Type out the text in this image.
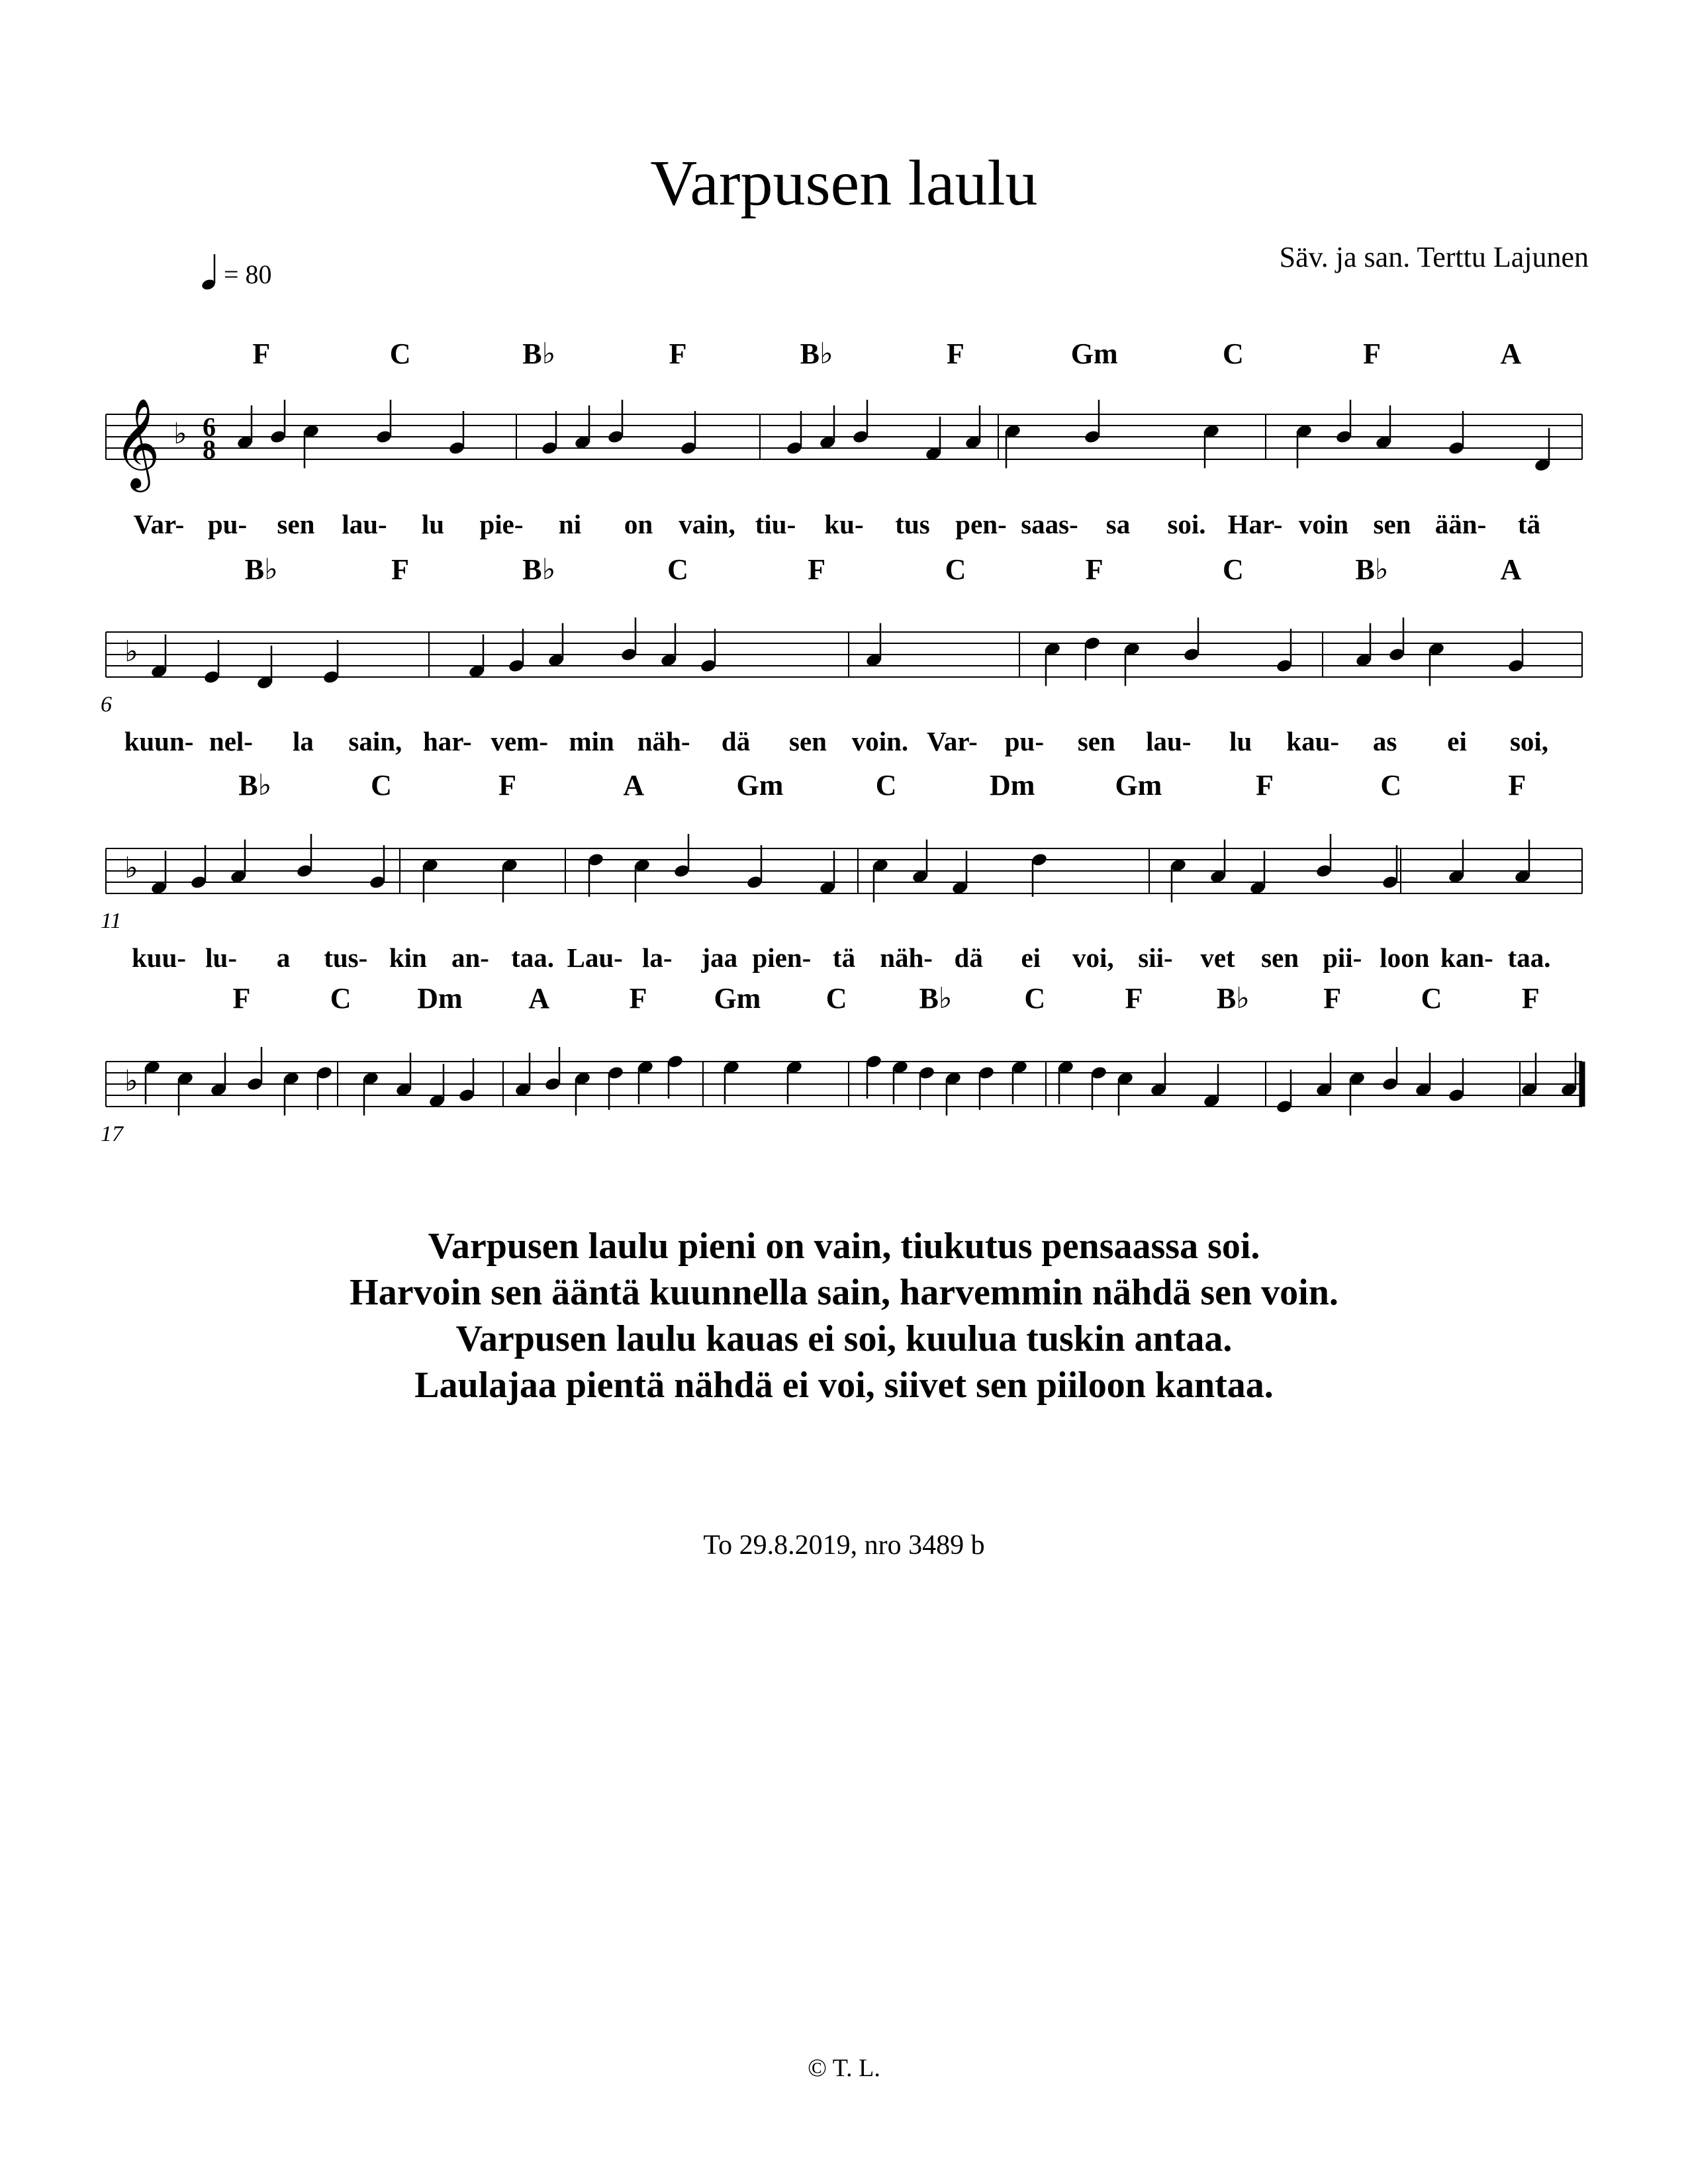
Varpusen laulu
Säv. ja san. Terttu Lajunen
= 80
♭
𝄞 6
8
♭
♭
♭
F	C	B♭	F	B♭	F	Gm	C	F	A
Var- pu- sen lau- lu pie- ni on vain, tiu- ku- tus pen- saas- sa soi. Har- voin sen ään- tä
B♭	F	B♭	C	F	C	F	C	B♭	A
kuun- nel- la sain, har- vem- min näh- dä sen voin. Var- pu- sen lau- lu kau- as ei soi,
6
B♭	C	F	A	Gm	C	Dm	Gm	F	C	F
kuu- lu- a tus- kin an- taa. Lau- la- jaa pien- tä näh- dä ei voi, sii- vet sen pii- loon kan- taa.
11
F	C Dm A	F Gm C B♭ C	F	B♭	F	C	F
17
Varpusen laulu pieni on vain, tiukutus pensaassa soi.
Harvoin sen ääntä kuunnella sain, harvemmin nähdä sen voin.
Varpusen laulu kauas ei soi, kuulua tuskin antaa.
Laulajaa pientä nähdä ei voi, siivet sen piiloon kantaa.
To 29.8.2019, nro 3489 b
© T. L.
